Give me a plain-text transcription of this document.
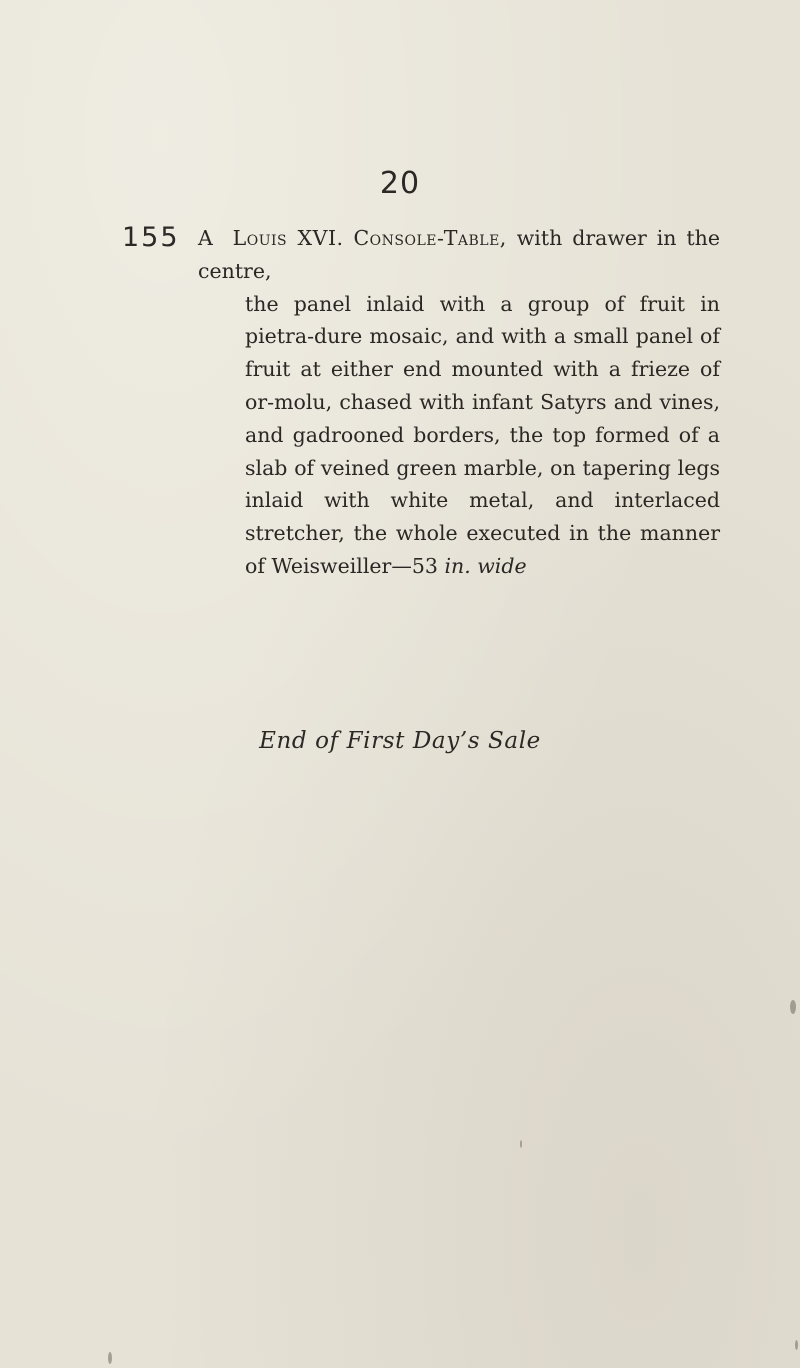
20
155 A Louis XVI. Console-Table, with drawer in the centre,
the panel inlaid with a group of fruit in pietra-dure mosaic, and with a small panel of fruit at either end mounted with a frieze of or-molu, chased with infant Satyrs and vines, and gadrooned borders, the top formed of a slab of veined green marble, on tapering legs inlaid with white metal, and interlaced stretcher, the whole executed in the manner of Weisweiller—53 in. wide

End of First Day’s Sale
